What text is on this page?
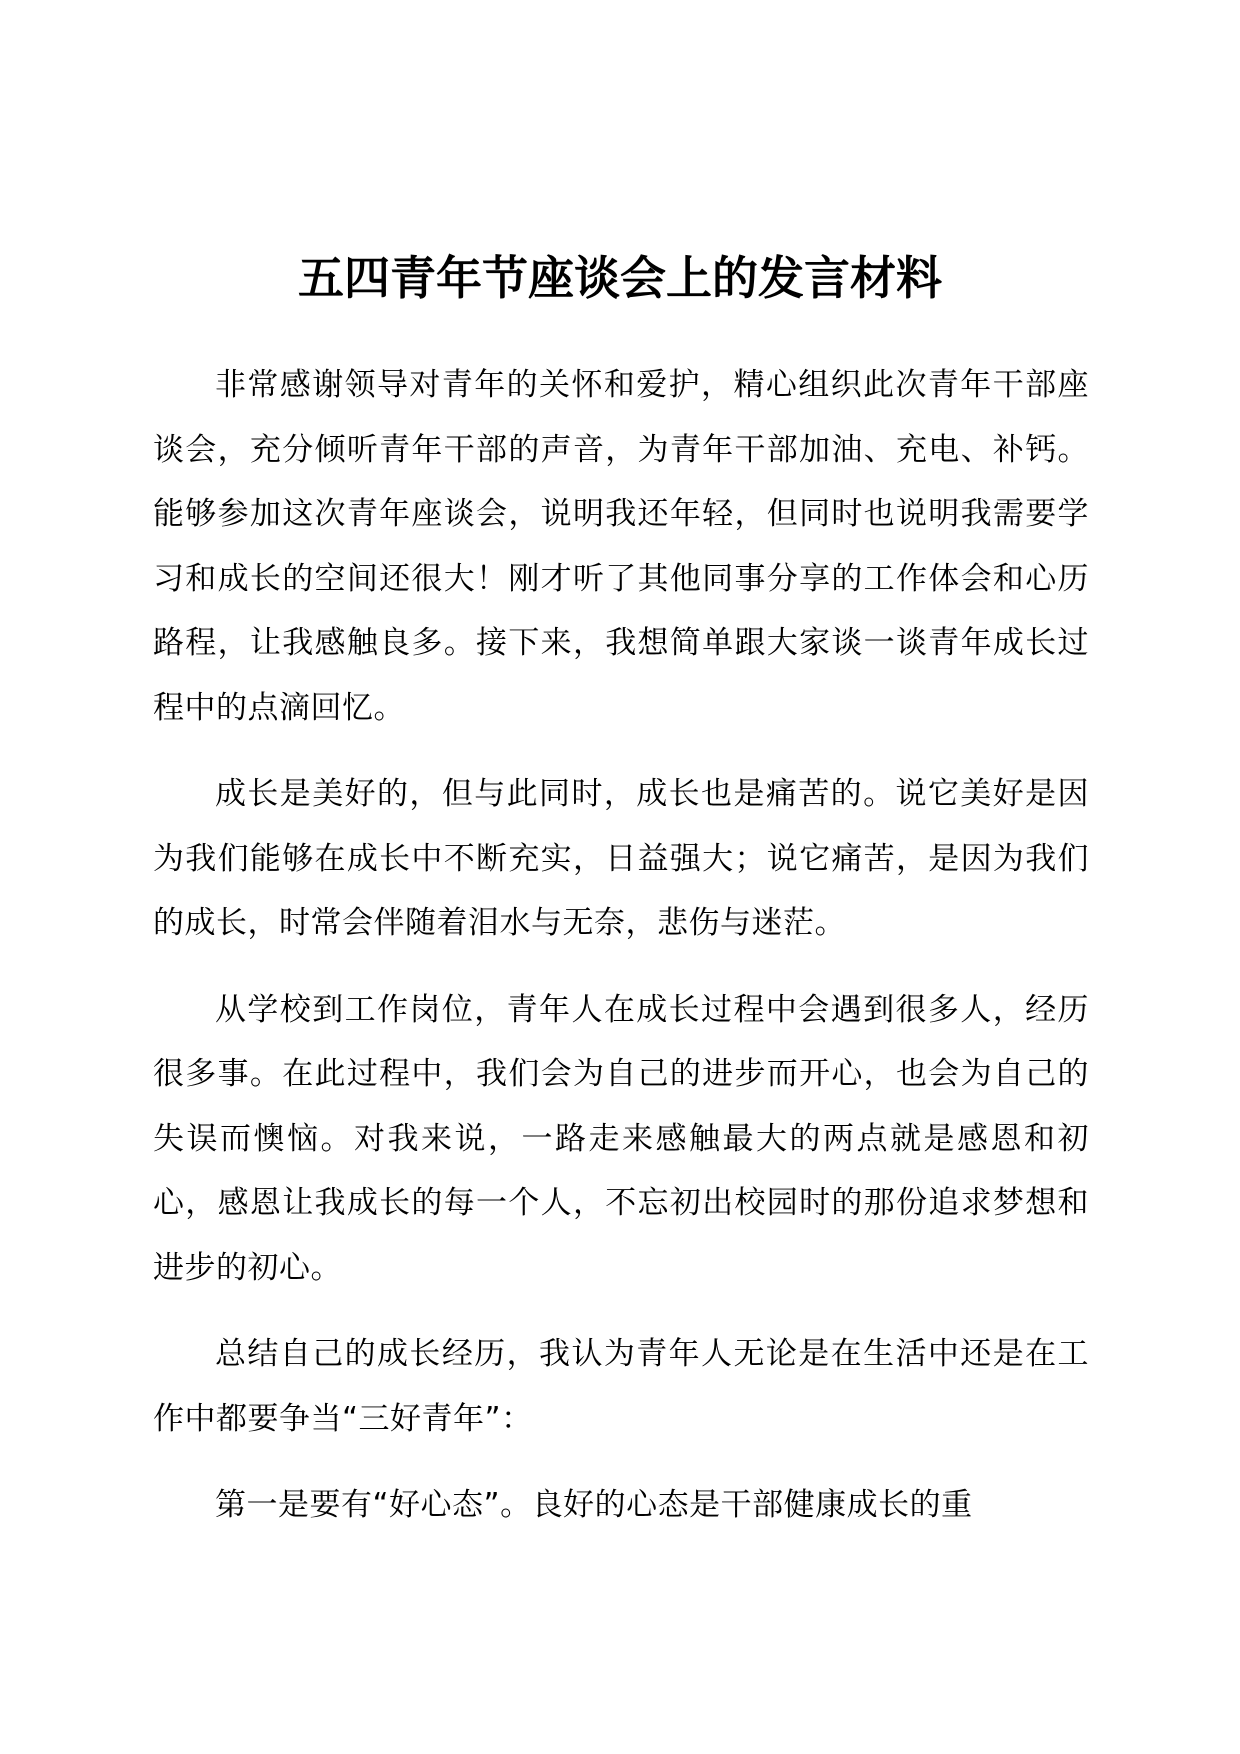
五四青年节座谈会上的发言材料

非常感谢领导对青年的关怀和爱护，精心组织此次青年干部座谈会，充分倾听青年干部的声音，为青年干部加油、充电、补钙。能够参加这次青年座谈会，说明我还年轻，但同时也说明我需要学习和成长的空间还很大！刚才听了其他同事分享的工作体会和心历路程，让我感触良多。接下来，我想简单跟大家谈一谈青年成长过程中的点滴回忆。

成长是美好的，但与此同时，成长也是痛苦的。说它美好是因为我们能够在成长中不断充实，日益强大；说它痛苦，是因为我们的成长，时常会伴随着泪水与无奈，悲伤与迷茫。

从学校到工作岗位，青年人在成长过程中会遇到很多人，经历很多事。在此过程中，我们会为自己的进步而开心，也会为自己的失误而懊恼。对我来说，一路走来感触最大的两点就是感恩和初心，感恩让我成长的每一个人，不忘初出校园时的那份追求梦想和进步的初心。

总结自己的成长经历，我认为青年人无论是在生活中还是在工作中都要争当“三好青年”：

第一是要有“好心态”。良好的心态是干部健康成长的重
